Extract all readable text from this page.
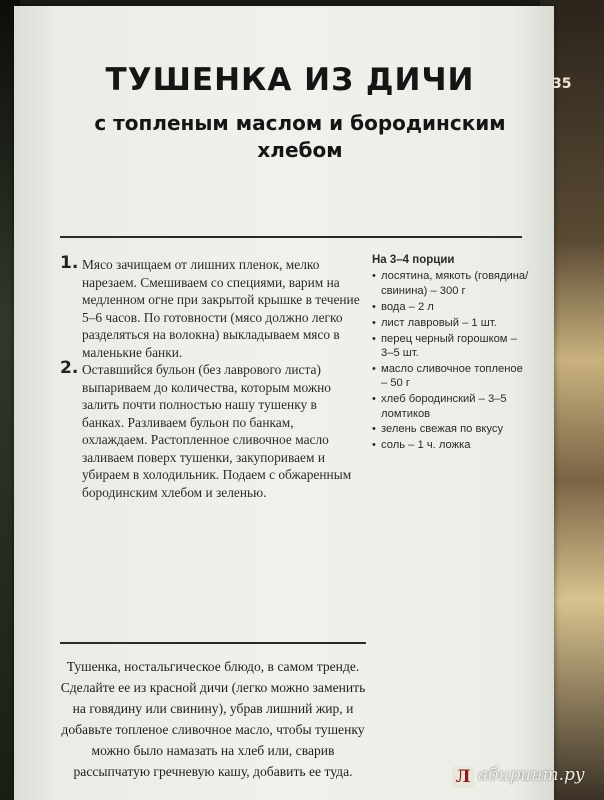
35
ТУШЕНКА ИЗ ДИЧИ
с топленым маслом и бородинским хлебом
1. Мясо зачищаем от лишних пленок, мелко нарезаем. Смешиваем со специями, варим на медленном огне при закрытой крышке в течение 5–6 часов. По готовности (мясо должно легко разделяться на волокна) выкладываем мясо в маленькие банки.
2. Оставшийся бульон (без лаврового листа) выпариваем до количества, которым можно залить почти полностью нашу тушенку в банках. Разливаем бульон по банкам, охлаждаем. Растопленное сливочное масло заливаем поверх тушенки, закупориваем и убираем в холодильник. Подаем с обжаренным бородинским хлебом и зеленью.
На 3–4 порции
• лосятина, мякоть (говядина/свинина) – 300 г
• вода – 2 л
• лист лавровый – 1 шт.
• перец черный горошком – 3–5 шт.
• масло сливочное топленое – 50 г
• хлеб бородинский – 3–5 ломтиков
• зелень свежая по вкусу
• соль – 1 ч. ложка
Тушенка, ностальгическое блюдо, в самом тренде. Сделайте ее из красной дичи (легко можно заменить на говядину или свинину), убрав лишний жир, и добавьте топленое сливочное масло, чтобы тушенку можно было намазать на хлеб или, сварив рассыпчатую гречневую кашу, добавить ее туда.	Л абиринт.ру
